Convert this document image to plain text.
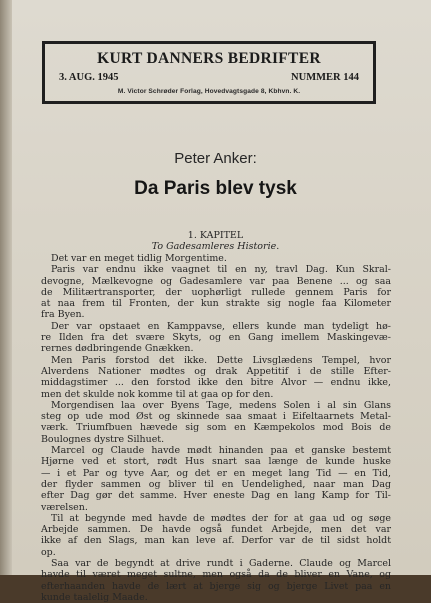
KURT DANNERS BEDRIFTER
3. AUG. 1945	NUMMER 144
M. Victor Schrøder Forlag, Hovedvagtsgade 8, Kbhvn. K.
Peter Anker:
Da Paris blev tysk
1. KAPITEL
To Gadesamleres Historie.
Det var en meget tidlig Morgentime.
Paris var endnu ikke vaagnet til en ny, travl Dag. Kun Skral-
devogne, Mælkevogne og Gadesamlere var paa Benene ... og saa
de Militærtransporter, der uophørligt rullede gennem Paris for
at naa frem til Fronten, der kun strakte sig nogle faa Kilometer
fra Byen.
Der var opstaaet en Kamppavse, ellers kunde man tydeligt hø-
re Ilden fra det svære Skyts, og en Gang imellem Maskingevæ-
rernes dødbringende Gnækken.
Men Paris forstod det ikke. Dette Livsglædens Tempel, hvor
Alverdens Nationer mødtes og drak Appetitif i de stille Efter-
middagstimer ... den forstod ikke den bitre Alvor — endnu ikke,
men det skulde nok komme til at gaa op for den.
Morgendisen laa over Byens Tage, medens Solen i al sin Glans
steg op ude mod Øst og skinnede saa smaat i Eifeltaarnets Metal-
værk. Triumfbuen hævede sig som en Kæmpekolos mod Bois de
Boulognes dystre Silhuet.
Marcel og Claude havde mødt hinanden paa et ganske bestemt
Hjørne ved et stort, rødt Hus snart saa længe de kunde huske
— i et Par og tyve Aar, og det er en meget lang Tid — en Tid,
der flyder sammen og bliver til en Uendelighed, naar man Dag
efter Dag gør det samme. Hver eneste Dag en lang Kamp for Til-
værelsen.
Til at begynde med havde de mødtes der for at gaa ud og søge
Arbejde sammen. De havde også fundet Arbejde, men det var
ikke af den Slags, man kan leve af. Derfor var de til sidst holdt
op.
Saa var de begyndt at drive rundt i Gaderne. Claude og Marcel
havde til været meget sultne, men også da de bliver en Vane, og
efterhaanden havde de lært at bjerge sig og bjerge Livet paa en
kunde taalelig Maade.
